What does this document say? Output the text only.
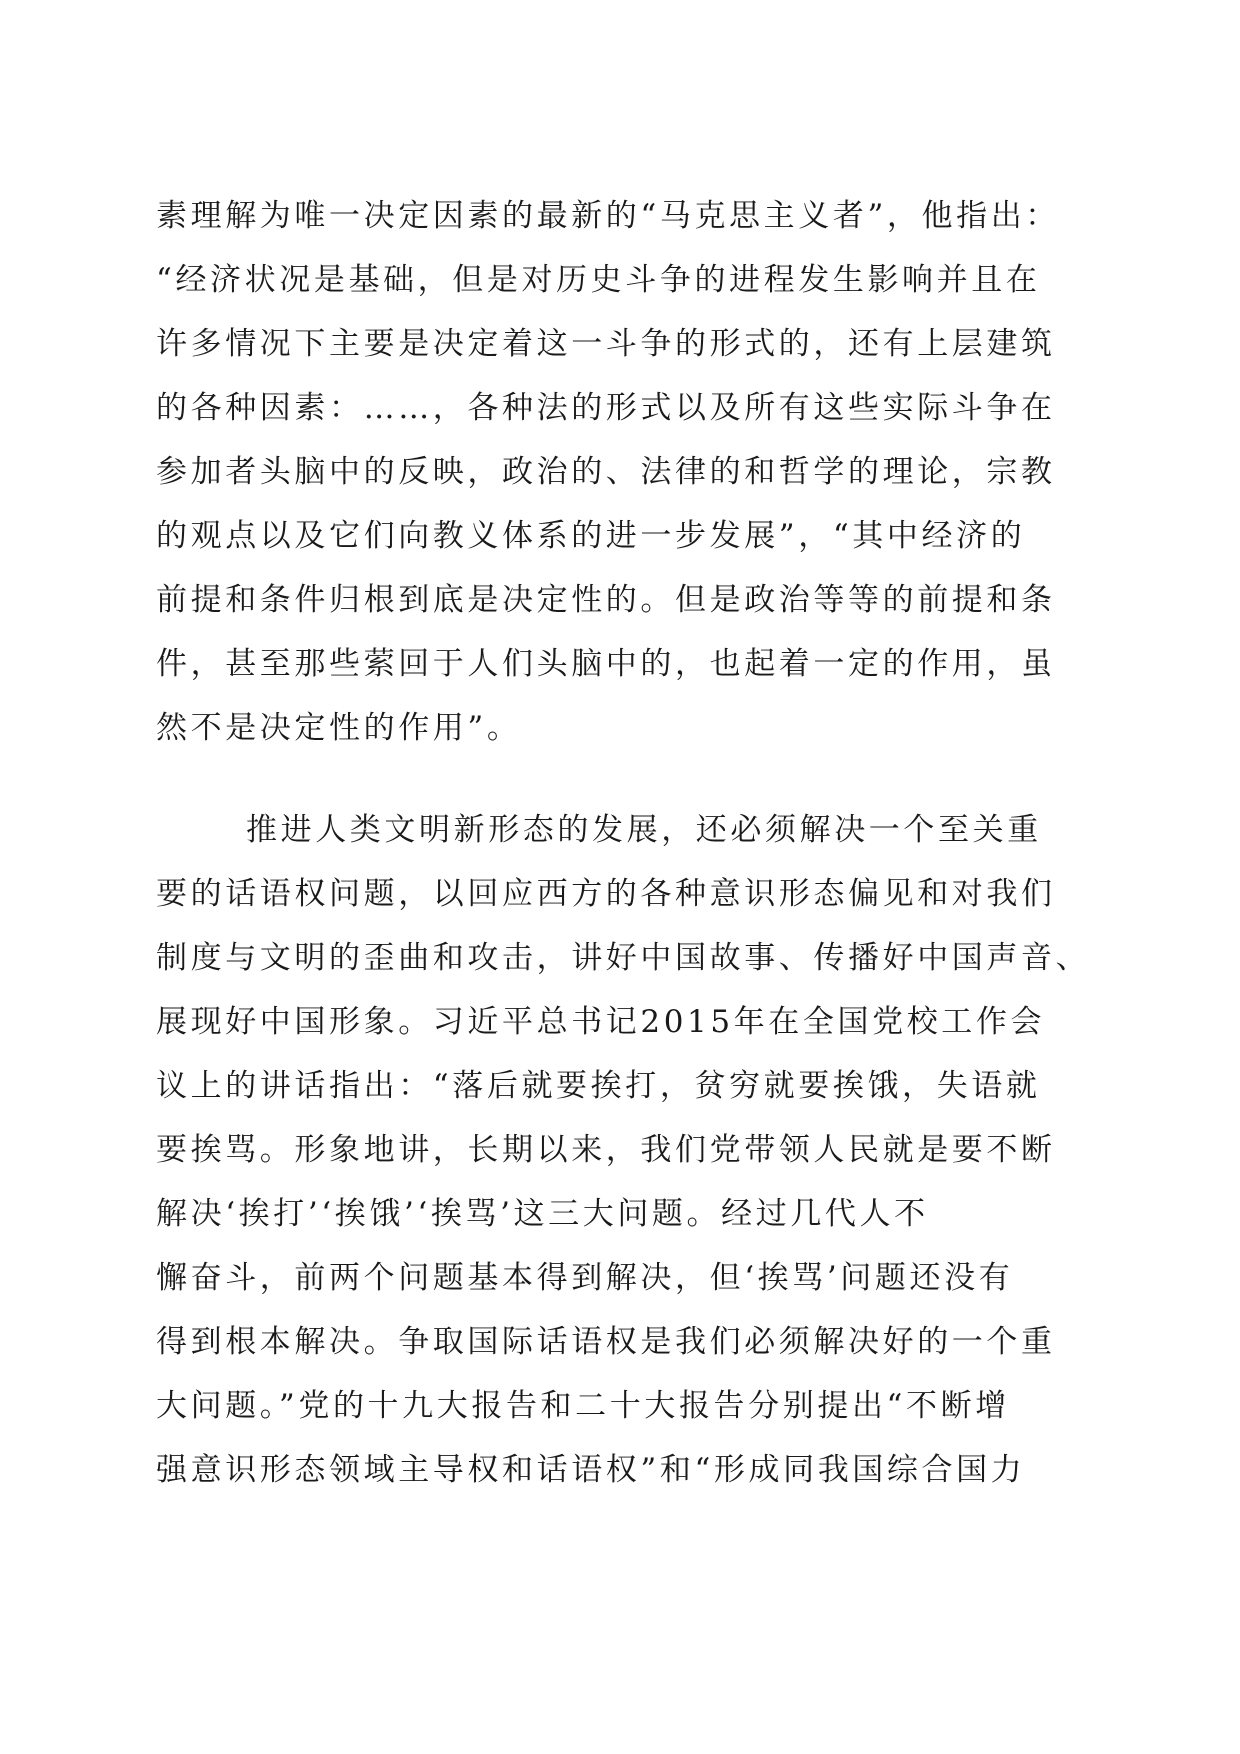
素理解为唯一决定因素的最新的“马克思主义者”，他指出：
“经济状况是基础，但是对历史斗争的进程发生影响并且在
许多情况下主要是决定着这一斗争的形式的，还有上层建筑
的各种因素：……，各种法的形式以及所有这些实际斗争在
参加者头脑中的反映，政治的、法律的和哲学的理论，宗教
的观点以及它们向教义体系的进一步发展”，“其中经济的
前提和条件归根到底是决定性的。但是政治等等的前提和条
件，甚至那些萦回于人们头脑中的，也起着一定的作用，虽
然不是决定性的作用”。
推进人类文明新形态的发展，还必须解决一个至关重
要的话语权问题，以回应西方的各种意识形态偏见和对我们
制度与文明的歪曲和攻击，讲好中国故事、传播好中国声音、
展现好中国形象。习近平总书记2015年在全国党校工作会
议上的讲话指出：“落后就要挨打，贫穷就要挨饿，失语就
要挨骂。形象地讲，长期以来，我们党带领人民就是要不断
解决‘挨打’‘挨饿’‘挨骂’这三大问题。经过几代人不
懈奋斗，前两个问题基本得到解决，但‘挨骂’问题还没有
得到根本解决。争取国际话语权是我们必须解决好的一个重
大问题。”党的十九大报告和二十大报告分别提出“不断增
强意识形态领域主导权和话语权”和“形成同我国综合国力
